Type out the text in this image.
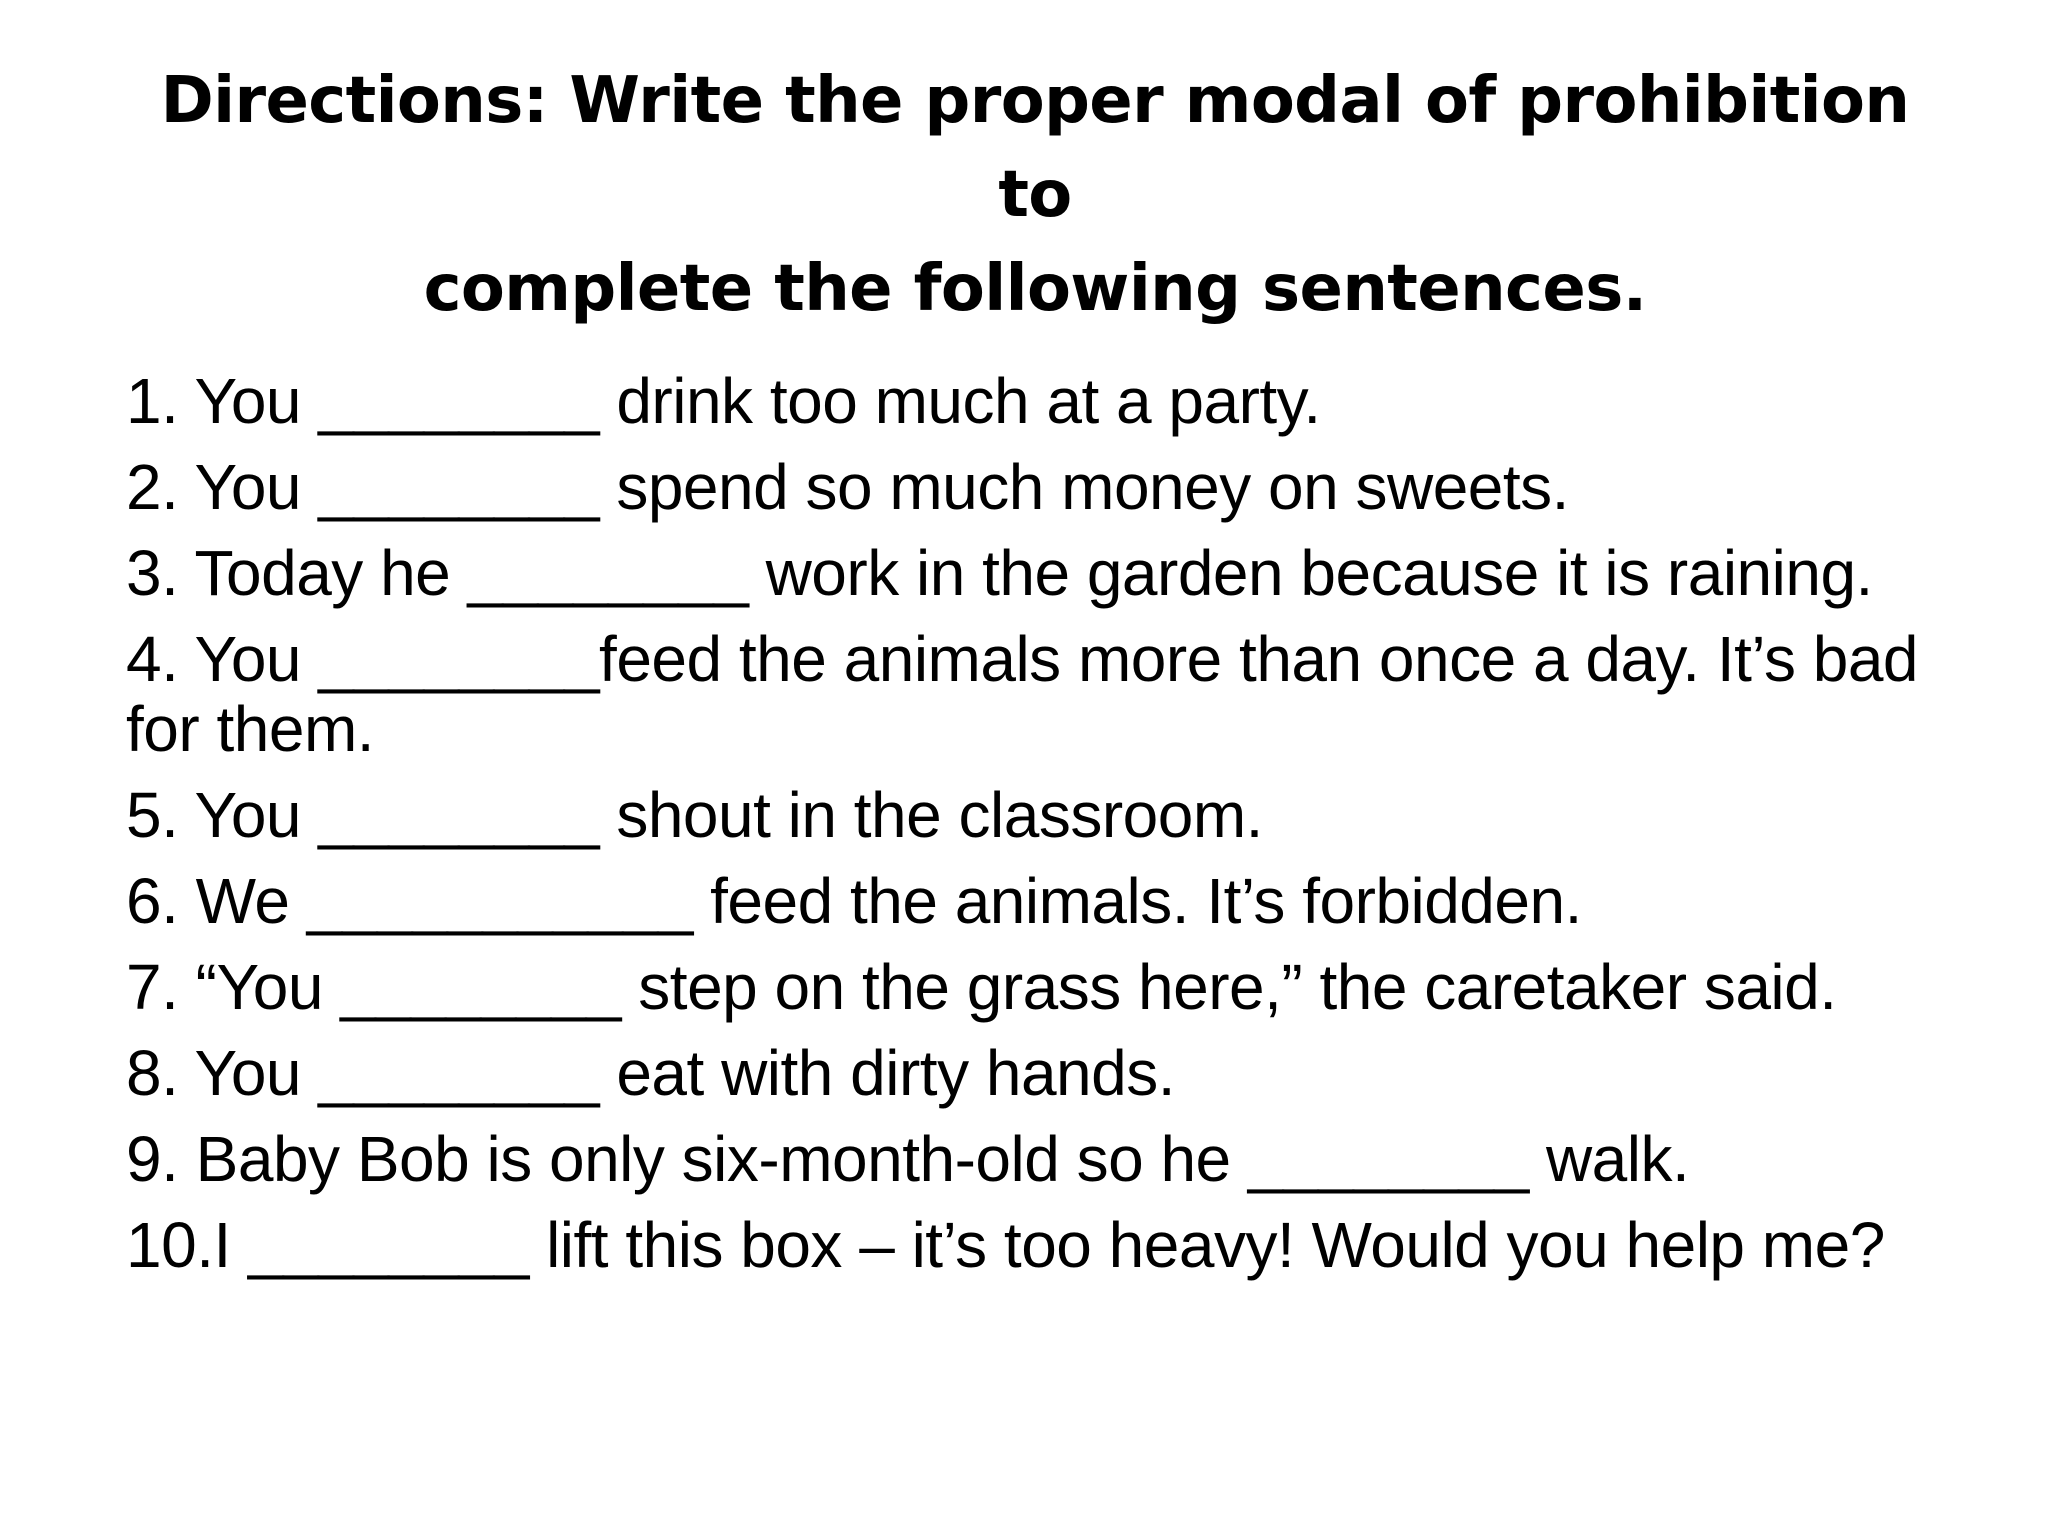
Directions: Write the proper modal of prohibition to
complete the following sentences.
1. You ________ drink too much at a party.
2. You ________ spend so much money on sweets.
3. Today he ________ work in the garden because it is raining.
4. You ________feed the animals more than once a day. It’s bad for them.
5. You ________ shout in the classroom.
6. We ___________ feed the animals. It’s forbidden.
7. “You ________ step on the grass here,” the caretaker said.
8. You ________ eat with dirty hands.
9. Baby Bob is only six-month-old so he ________ walk.
10.I ________ lift this box – it’s too heavy! Would you help me?
